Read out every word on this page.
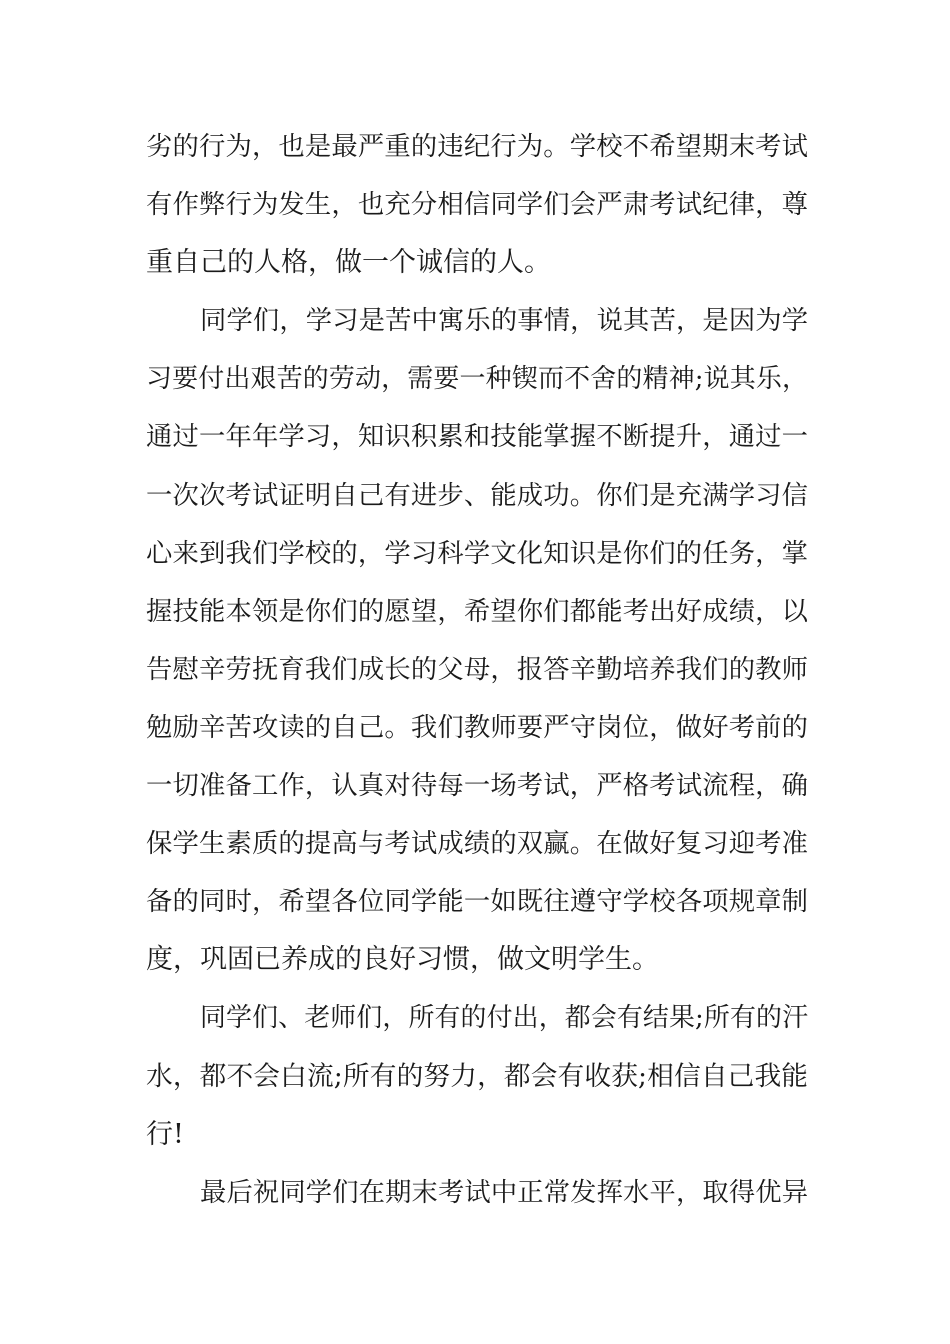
劣的行为，也是最严重的违纪行为。学校不希望期末考试
有作弊行为发生，也充分相信同学们会严肃考试纪律，尊
重自己的人格，做一个诚信的人。
同学们，学习是苦中寓乐的事情，说其苦，是因为学
习要付出艰苦的劳动，需要一种锲而不舍的精神;说其乐，
通过一年年学习，知识积累和技能掌握不断提升，通过一
一次次考试证明自己有进步、能成功。你们是充满学习信
心来到我们学校的，学习科学文化知识是你们的任务，掌
握技能本领是你们的愿望，希望你们都能考出好成绩，以
告慰辛劳抚育我们成长的父母，报答辛勤培养我们的教师
勉励辛苦攻读的自己。我们教师要严守岗位，做好考前的
一切准备工作，认真对待每一场考试，严格考试流程，确
保学生素质的提高与考试成绩的双赢。在做好复习迎考准
备的同时，希望各位同学能一如既往遵守学校各项规章制
度，巩固已养成的良好习惯，做文明学生。
同学们、老师们，所有的付出，都会有结果;所有的汗
水，都不会白流;所有的努力，都会有收获;相信自己我能
行!
最后祝同学们在期末考试中正常发挥水平，取得优异
